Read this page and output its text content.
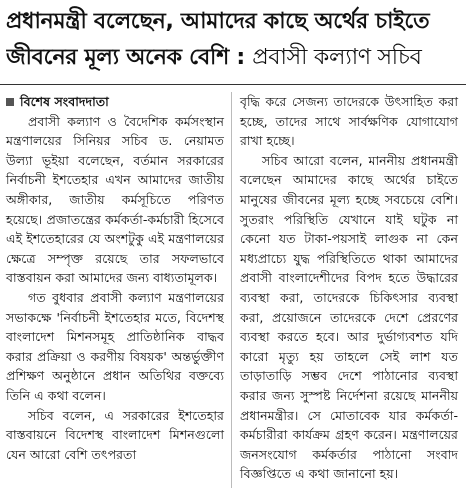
প্রধানমন্ত্রী বলেছেন, আমাদের কাছে অর্থের চাইতে
জীবনের মূল্য অনেক বেশি : প্রবাসী কল্যাণ সচিব
বিশেষ সংবাদদাতা

প্রবাসী কল্যাণ ও বৈদেশিক কর্মসংস্থান মন্ত্রণালয়ের সিনিয়র সচিব ড. নেয়ামত উল্যা ভূইয়া বলেছেন, বর্তমান সরকারের নির্বাচনী ইশতেহার এখন আমাদের জাতীয় অঙ্গীকার, জাতীয় কর্মসূচিতে পরিণত হয়েছে। প্রজাতন্ত্রের কর্মকর্তা-কর্মচারী হিসেবে এই ইশতেহারের যে অংশটুকু এই মন্ত্রণালয়ের ক্ষেত্রে সম্পৃক্ত রয়েছে তার সফলভাবে বাস্তবায়ন করা আমাদের জন্য বাধ্যতামূলক।

গত বুধবার প্রবাসী কল্যাণ মন্ত্রণালয়ের সভাকক্ষে 'নির্বাচনী ইশতেহার মতে, বিদেশস্থ বাংলাদেশ মিশনসমূহ প্রাতিষ্ঠানিক বাদ্ধব করার প্রক্রিয়া ও করণীয় বিষয়ক' অন্তর্ভুক্তীণ প্রশিক্ষণ অনুষ্ঠানে প্রধান অতিথির বক্তব্যে তিনি এ কথা বলেন।

সচিব বলেন, এ সরকারের ইশতেহার বাস্তবায়নে বিদেশস্থ বাংলাদেশ মিশনগুলো যেন আরো বেশি তৎপরতা

বৃদ্ধি করে সেজন্য তাদেরকে উৎসাহিত করা হচ্ছে, তাদের সাথে সার্বক্ষণিক যোগাযোগ রাখা হচ্ছে।

সচিব আরো বলেন, মাননীয় প্রধানমন্ত্রী বলেছেন আমাদের কাছে অর্থের চাইতে মানুষের জীবনের মূল্য হচ্ছে সবচেয়ে বেশি। সুতরাং পরিস্থিতি যেখানে যাই ঘটুক না কেনো যত টাকা-পয়সাই লাগুক না কেন মধ্যপ্রাচ্যে যুদ্ধ পরিস্থিতিতে থাকা আমাদের প্রবাসী বাংলাদেশীদের বিপদ হতে উদ্ধারের ব্যবস্থা করা, তাদেরকে চিকিৎসার ব্যবস্থা করা, প্রয়োজনে তাদেরকে দেশে প্রেরণের ব্যবস্থা করতে হবে। আর দুর্ভাগ্যবশত যদি কারো মৃত্যু হয় তাহলে সেই লাশ যত তাড়াতাড়ি সম্ভব দেশে পাঠানোর ব্যবস্থা করার জন্য সুস্পষ্ট নির্দেশনা রয়েছে মাননীয় প্রধানমন্ত্রীর। সে মোতাবেক যার কর্মকর্তা-কর্মচারীরা কার্যক্রম গ্রহণ করেন। মন্ত্রণালয়ের জনসংযোগ কর্মকর্তার পাঠানো সংবাদ বিজ্ঞপ্তিতে এ কথা জানানো হয়।
